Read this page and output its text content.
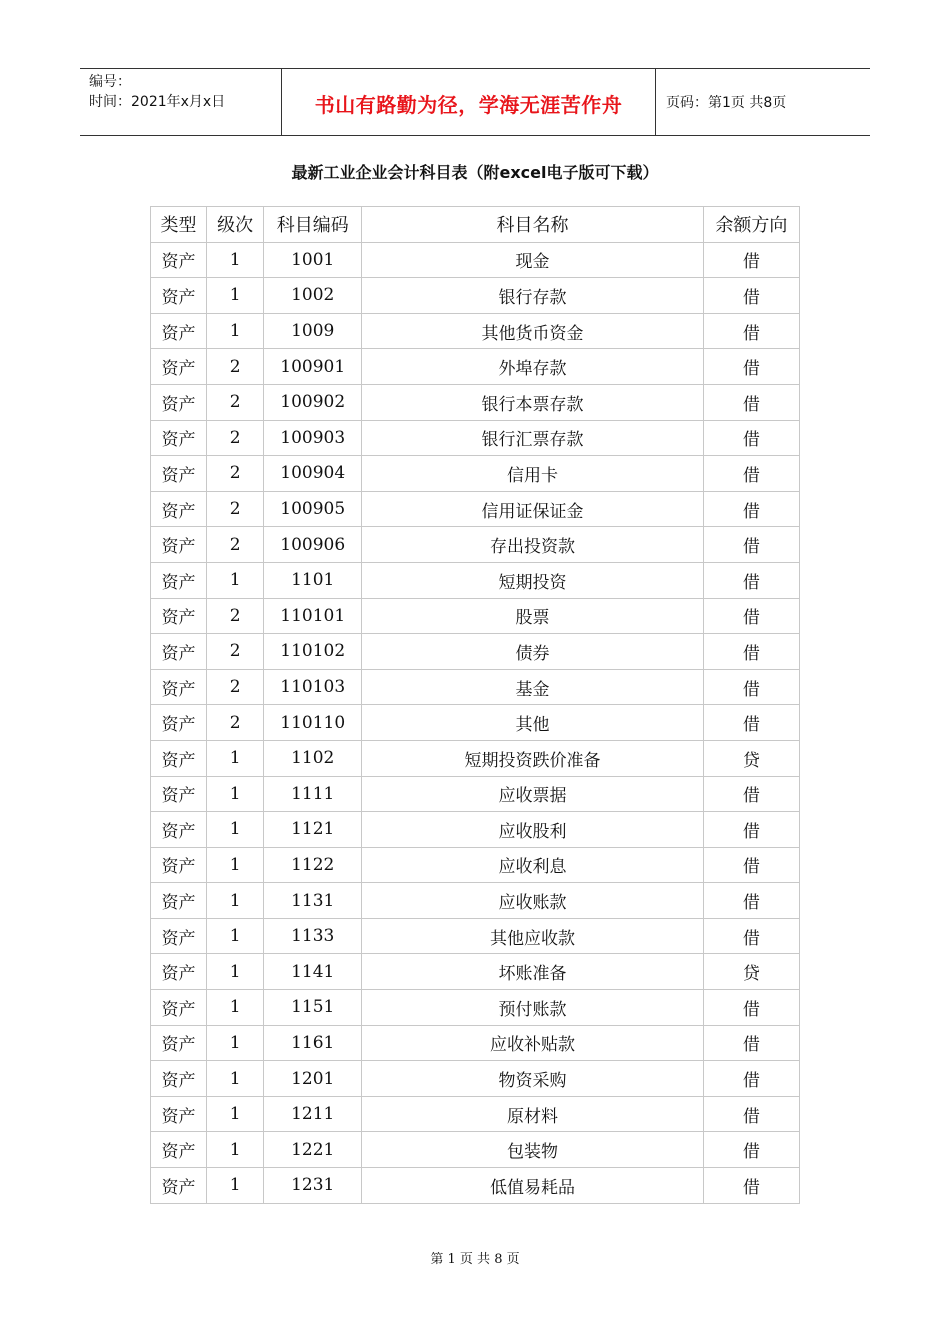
编号：
时间：2021年x月x日	书山有路勤为径，学海无涯苦作舟	页码：第1页 共8页
最新工业企业会计科目表（附excel电子版可下载）
类型	级次	科目编码	科目名称	余额方向
资产	1	1001	现金	借
资产	1	1002	银行存款	借
资产	1	1009	其他货币资金	借
资产	2	100901	外埠存款	借
资产	2	100902	银行本票存款	借
资产	2	100903	银行汇票存款	借
资产	2	100904	信用卡	借
资产	2	100905	信用证保证金	借
资产	2	100906	存出投资款	借
资产	1	1101	短期投资	借
资产	2	110101	股票	借
资产	2	110102	债券	借
资产	2	110103	基金	借
资产	2	110110	其他	借
资产	1	1102	短期投资跌价准备	贷
资产	1	1111	应收票据	借
资产	1	1121	应收股利	借
资产	1	1122	应收利息	借
资产	1	1131	应收账款	借
资产	1	1133	其他应收款	借
资产	1	1141	坏账准备	贷
资产	1	1151	预付账款	借
资产	1	1161	应收补贴款	借
资产	1	1201	物资采购	借
资产	1	1211	原材料	借
资产	1	1221	包装物	借
资产	1	1231	低值易耗品	借
第 1 页 共 8 页
